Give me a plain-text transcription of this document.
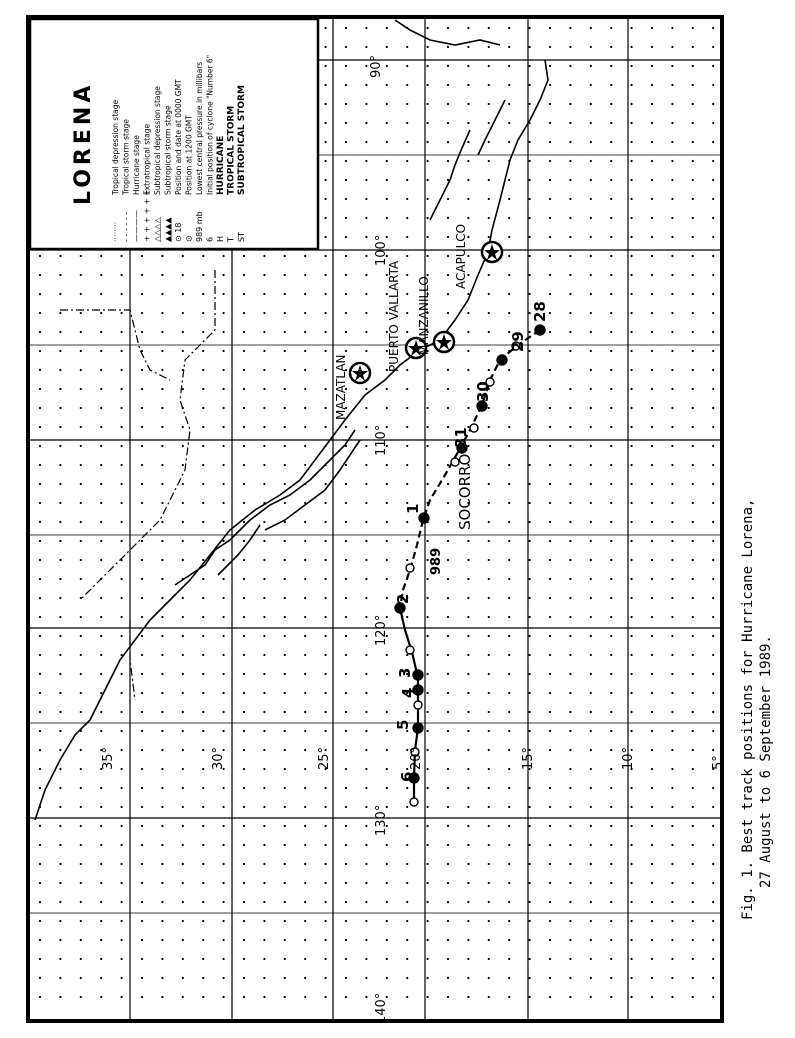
LORENA
········
Tropical depression stage
- - - - - -
Tropical storm stage
————
Hurricane stage
+ + + + + +
Extratropical stage
△△△△
Subtropical depression stage
▲▲▲▲
Subtropical storm stage
⊙ 18
Position and date at 0000 GMT
⊙
Position at 1200 GMT
989 mb
Lowest central pressure in millibars
6
Initial position of cyclone "Number 6"
H
HURRICANE
T
TROPICAL STORM
ST
SUBTROPICAL STORM
35°	30°	25°	20°	15°	10°	5°
90°
100°
110°
120°
130°
140°
MAZATLAN
PUERTO VALLARTA MANZANILLO
ACAPULCO
SOCORRO
28
29
30
31
1
2
3
4
5
6
989	Fig. 1. Best track positions for Hurricane Lorena, 27 August to 6 September 1989.
